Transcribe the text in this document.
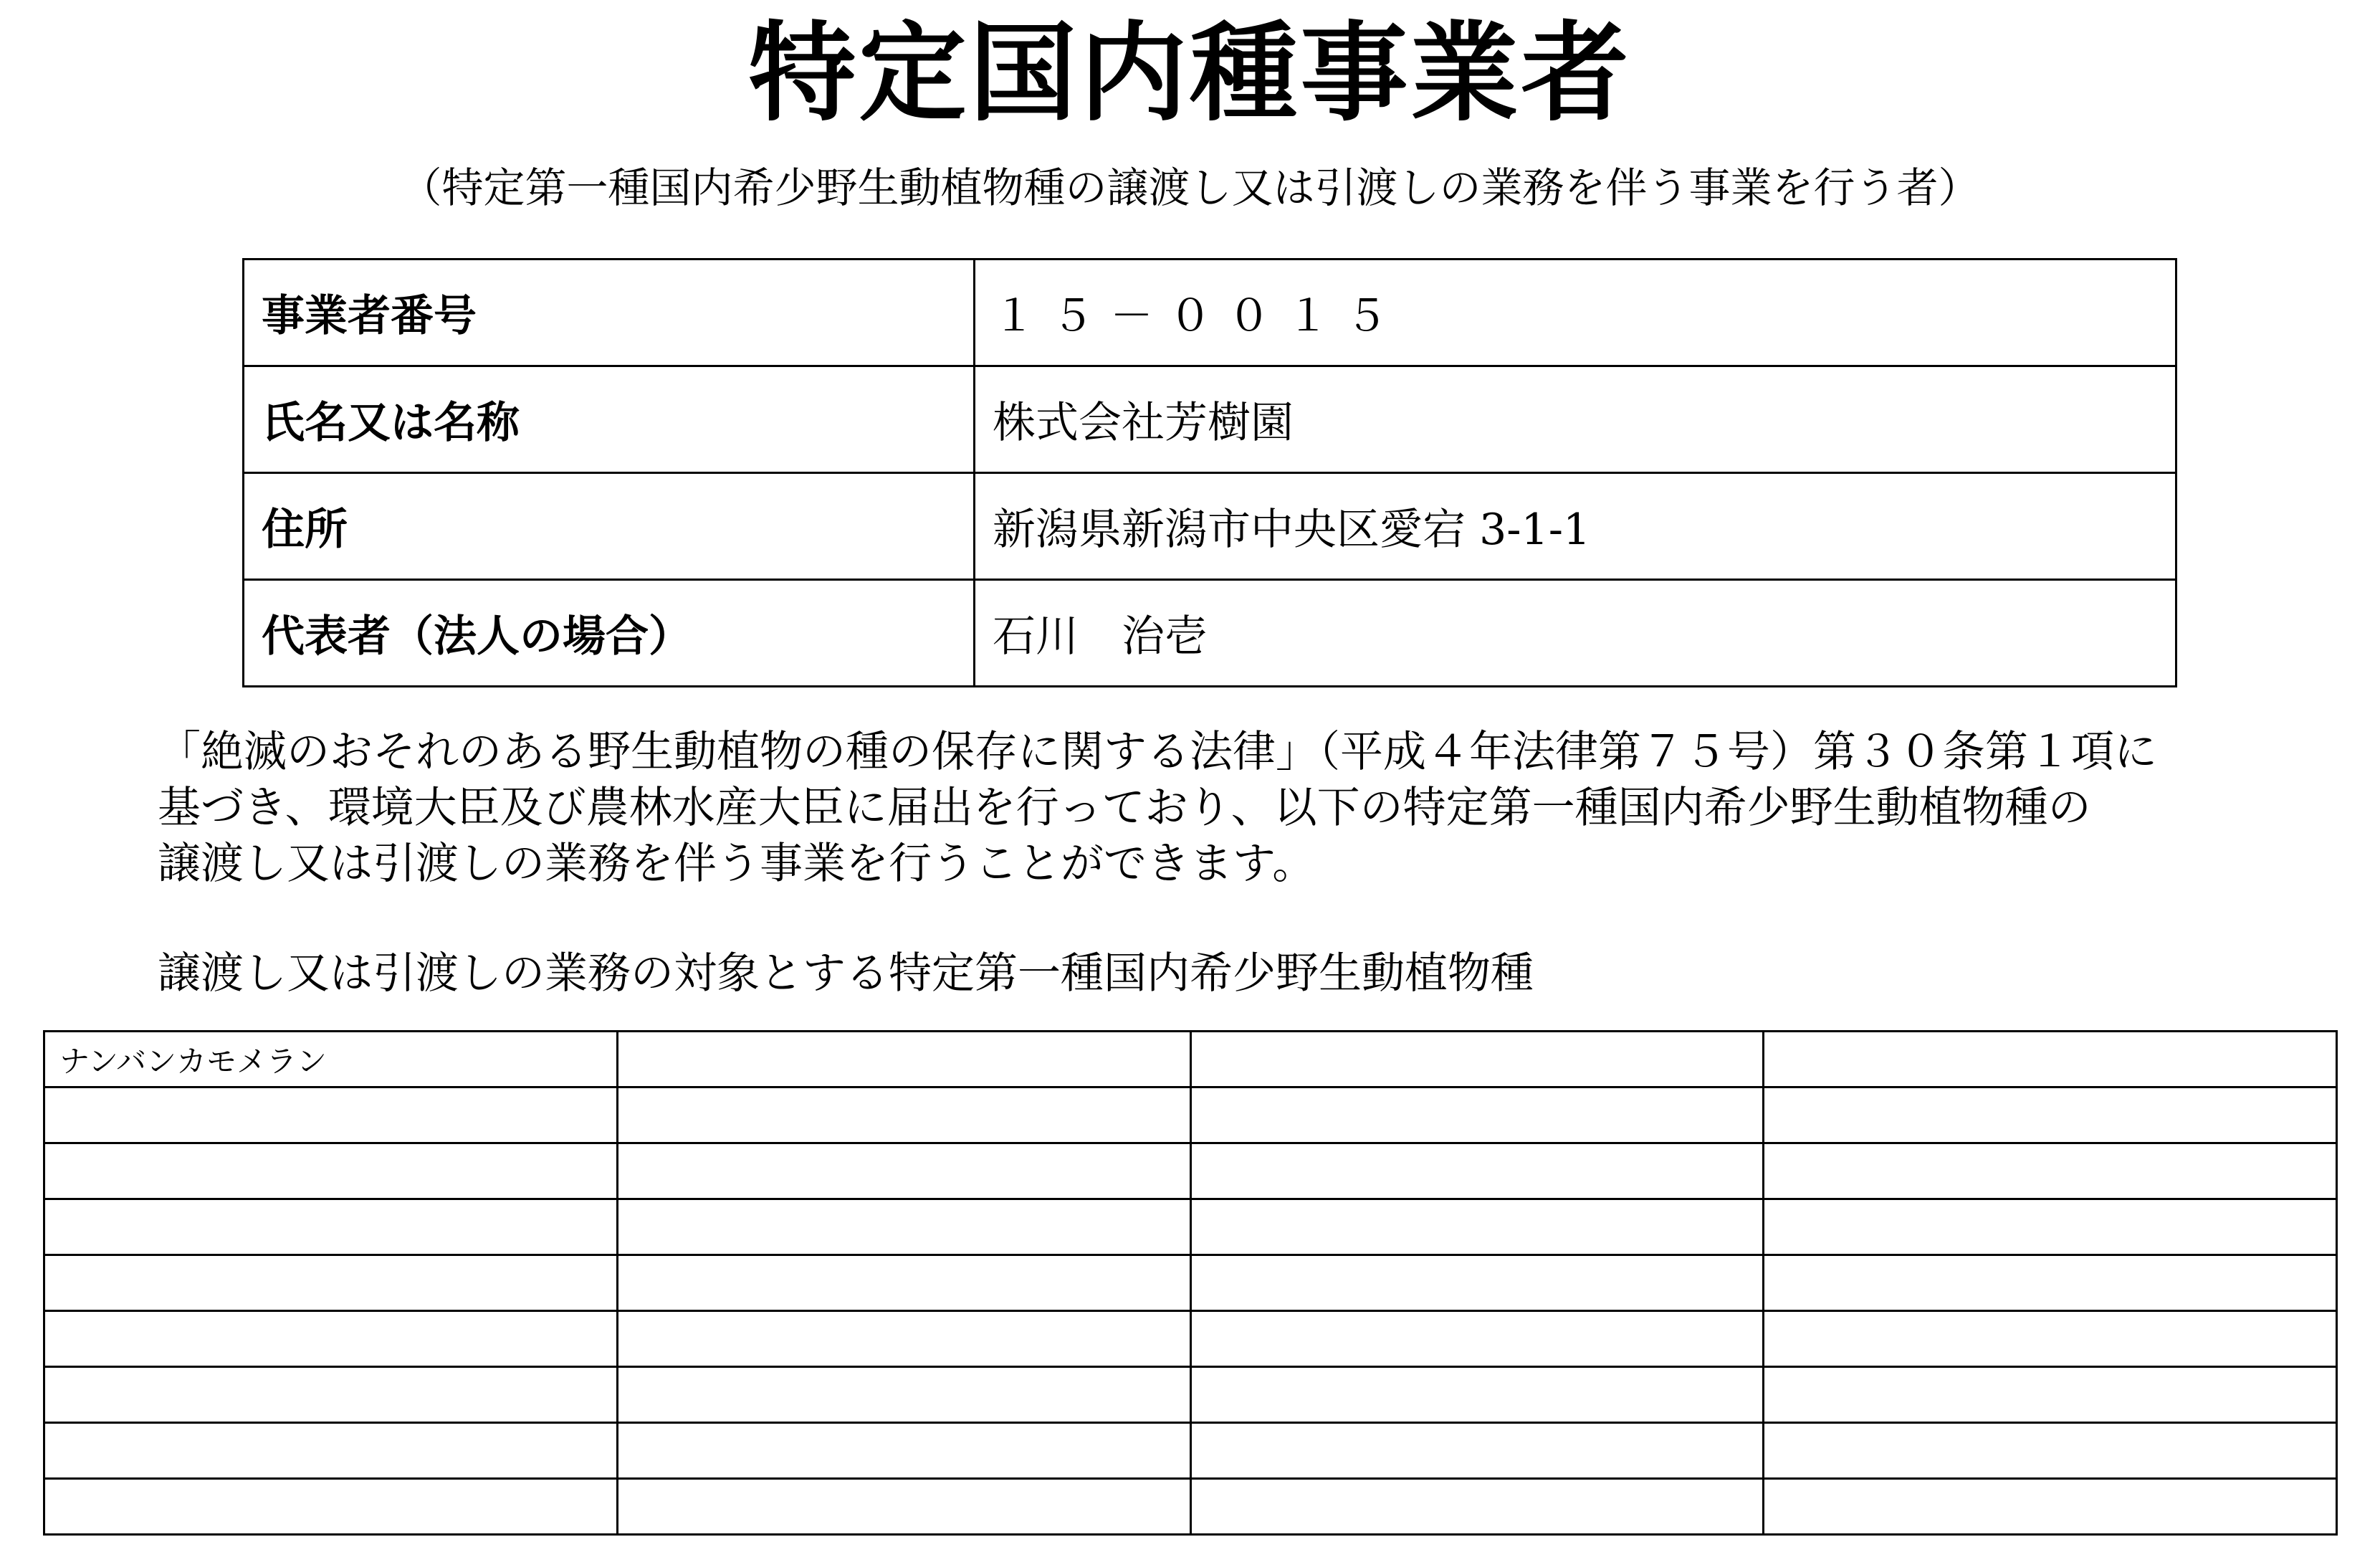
特定国内種事業者
（特定第一種国内希少野生動植物種の譲渡し又は引渡しの業務を伴う事業を行う者）
事業者番号	１５－００１５
氏名又は名称	株式会社芳樹園
住所	新潟県新潟市中央区愛宕 3-1-1
代表者（法人の場合）	石川　治壱
「絶滅のおそれのある野生動植物の種の保存に関する法律」（平成４年法律第７５号）第３０条第１項に
基づき、環境大臣及び農林水産大臣に届出を行っており、以下の特定第一種国内希少野生動植物種の
譲渡し又は引渡しの業務を伴う事業を行うことができます。
譲渡し又は引渡しの業務の対象とする特定第一種国内希少野生動植物種
ナンバンカモメラン			
